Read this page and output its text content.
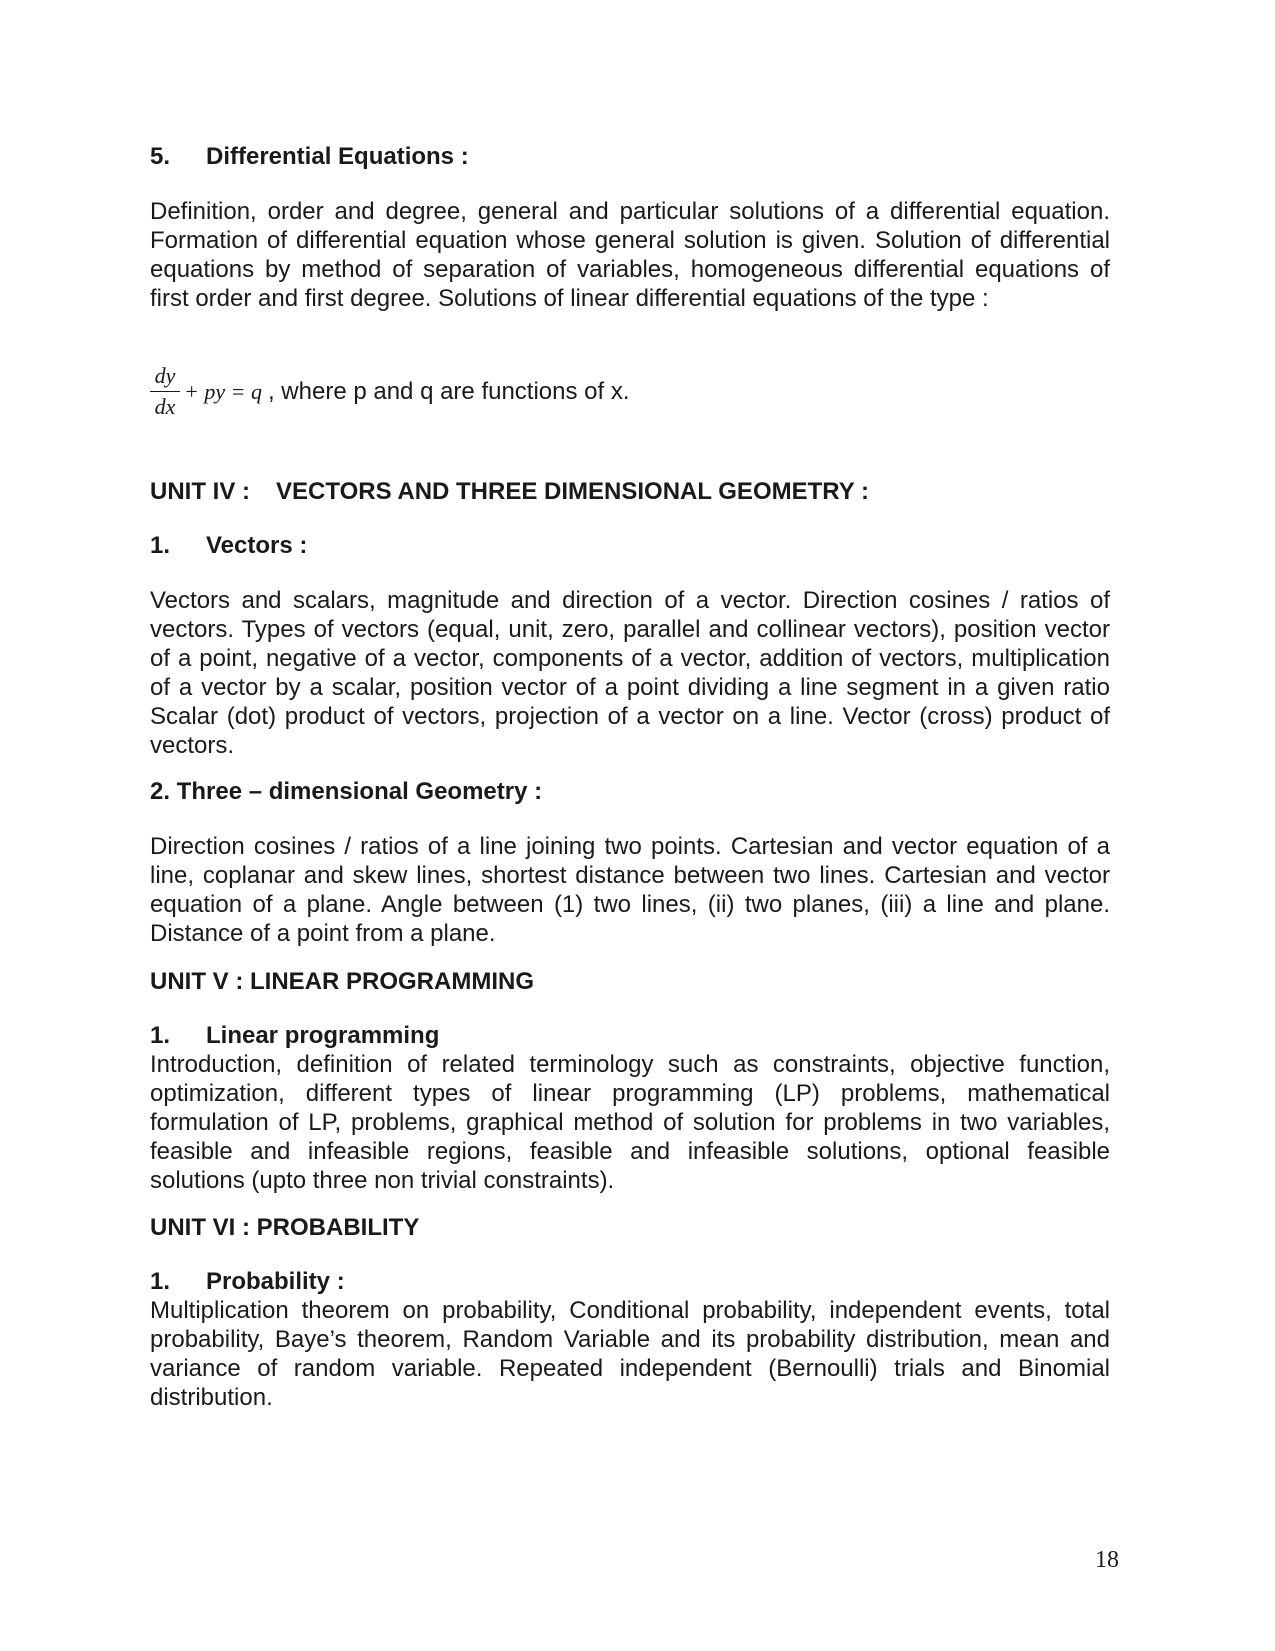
5. Differential Equations :
Definition, order and degree, general and particular solutions of a differential equation. Formation of differential equation whose general solution is given. Solution of differential equations by method of separation of variables, homogeneous differential equations of first order and first degree. Solutions of linear differential equations of the type :
$\frac{dy}{dx}$ + py = q , where p and q are functions of x.
UNIT IV : VECTORS AND THREE DIMENSIONAL GEOMETRY :
1. Vectors :
Vectors and scalars, magnitude and direction of a vector. Direction cosines / ratios of vectors. Types of vectors (equal, unit, zero, parallel and collinear vectors), position vector of a point, negative of a vector, components of a vector, addition of vectors, multiplication of a vector by a scalar, position vector of a point dividing a line segment in a given ratio Scalar (dot) product of vectors, projection of a vector on a line. Vector (cross) product of vectors.
2. Three – dimensional Geometry :
Direction cosines / ratios of a line joining two points. Cartesian and vector equation of a line, coplanar and skew lines, shortest distance between two lines. Cartesian and vector equation of a plane. Angle between (1) two lines, (ii) two planes, (iii) a line and plane. Distance of a point from a plane.
UNIT V : LINEAR PROGRAMMING
1. Linear programming
Introduction, definition of related terminology such as constraints, objective function, optimization, different types of linear programming (LP) problems, mathematical formulation of LP, problems, graphical method of solution for problems in two variables, feasible and infeasible regions, feasible and infeasible solutions, optional feasible solutions (upto three non trivial constraints).
UNIT VI : PROBABILITY
1. Probability :
Multiplication theorem on probability, Conditional probability, independent events, total probability, Baye’s theorem, Random Variable and its probability distribution, mean and variance of random variable. Repeated independent (Bernoulli) trials and Binomial distribution.
18
